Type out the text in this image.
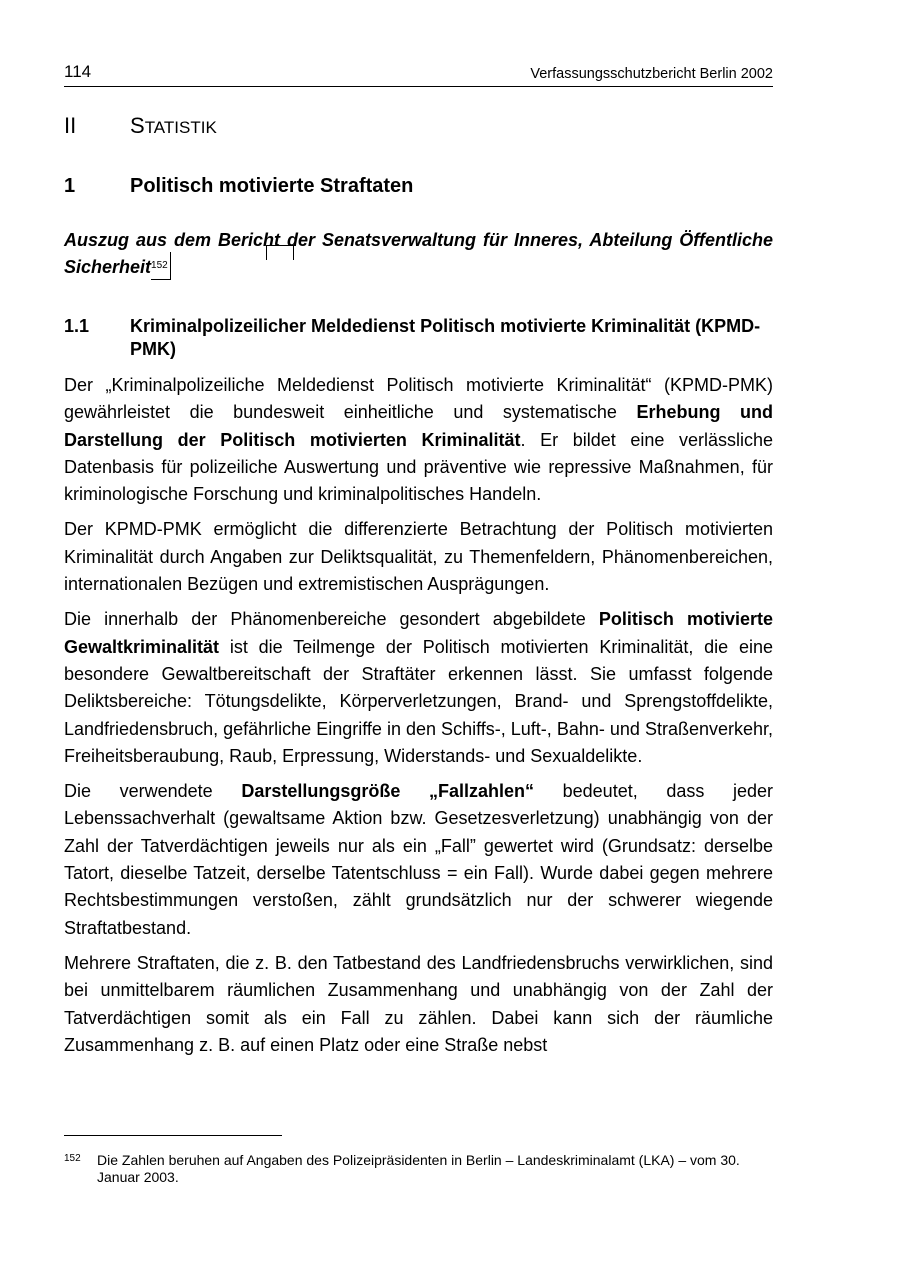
114	Verfassungsschutzbericht Berlin 2002
II STATISTIK
1	Politisch motivierte Straftaten
Auszug aus dem Bericht der Senatsverwaltung für Inneres, Abteilung Öffentliche Sicherheit$^{152}$
1.1 Kriminalpolizeilicher Meldedienst Politisch motivierte Kriminalität (KPMD-PMK)

Der „Kriminalpolizeiliche Meldedienst Politisch motivierte Kriminalität“ (KPMD-PMK) gewährleistet die bundesweit einheitliche und systematische Erhebung und Darstellung der Politisch motivierten Kriminalität. Er bildet eine verlässliche Datenbasis für polizeiliche Auswertung und präventive wie repressive Maßnahmen, für kriminologische Forschung und kriminalpolitisches Handeln.

Der KPMD-PMK ermöglicht die differenzierte Betrachtung der Politisch motivierten Kriminalität durch Angaben zur Deliktsqualität, zu Themenfeldern, Phänomenbereichen, internationalen Bezügen und extremistischen Ausprägungen.

Die innerhalb der Phänomenbereiche gesondert abgebildete Politisch motivierte Gewaltkriminalität ist die Teilmenge der Politisch motivierten Kriminalität, die eine besondere Gewaltbereitschaft der Straftäter erkennen lässt. Sie umfasst folgende Deliktsbereiche: Tötungsdelikte, Körperverletzungen, Brand- und Sprengstoffdelikte, Landfriedensbruch, gefährliche Eingriffe in den Schiffs-, Luft-, Bahn- und Straßenverkehr, Freiheitsberaubung, Raub, Erpressung, Widerstands- und Sexualdelikte.

Die verwendete Darstellungsgröße „Fallzahlen“ bedeutet, dass jeder Lebenssachverhalt (gewaltsame Aktion bzw. Gesetzesverletzung) unabhängig von der Zahl der Tatverdächtigen jeweils nur als ein „Fall” gewertet wird (Grundsatz: derselbe Tatort, dieselbe Tatzeit, derselbe Tatentschluss = ein Fall). Wurde dabei gegen mehrere Rechtsbestimmungen verstoßen, zählt grundsätzlich nur der schwerer wiegende Straftatbestand.

Mehrere Straftaten, die z. B. den Tatbestand des Landfriedensbruchs verwirklichen, sind bei unmittelbarem räumlichen Zusammenhang und unabhängig von der Zahl der Tatverdächtigen somit als ein Fall zu zählen. Dabei kann sich der räumliche Zusammenhang z. B. auf einen Platz oder eine Straße nebst

152 Die Zahlen beruhen auf Angaben des Polizeipräsidenten in Berlin – Landeskriminalamt (LKA) – vom 30. Januar 2003.
